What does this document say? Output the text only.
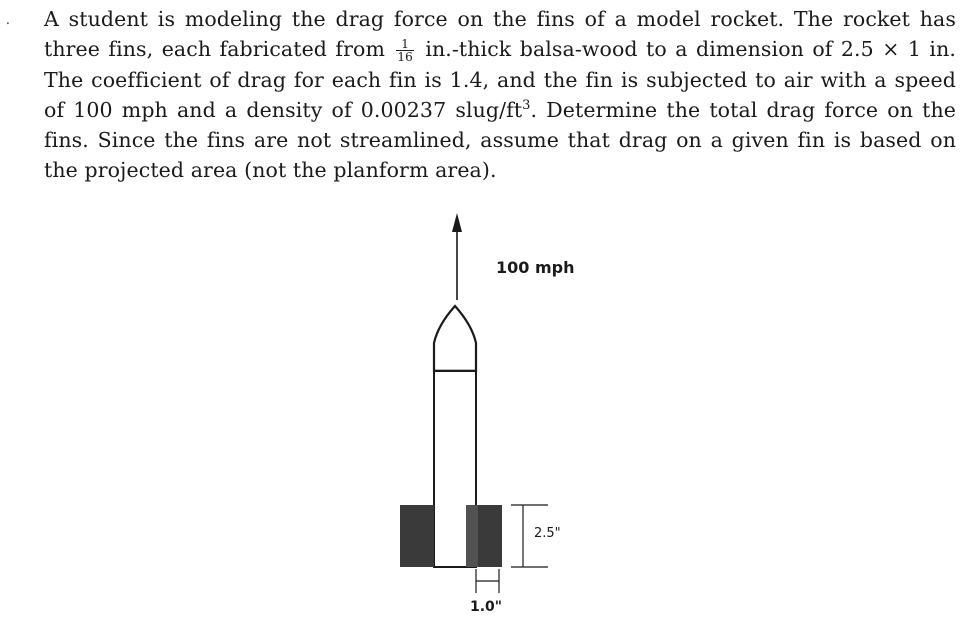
⸱	A student is modeling the drag force on the fins of a model rocket. The rocket has three fins, each fabricated from $\frac{1}{16}$ in.-thick balsa-wood to a dimension of 2.5 × 1 in. The coefficient of drag for each fin is 1.4, and the fin is subjected to air with a speed of 100 mph and a density of 0.00237 slug/$ft^3$. Determine the total drag force on the fins. Since the fins are not streamlined, assume that drag on a given fin is based on the projected area (not the planform area).
100 mph
2.5"
1.0"
